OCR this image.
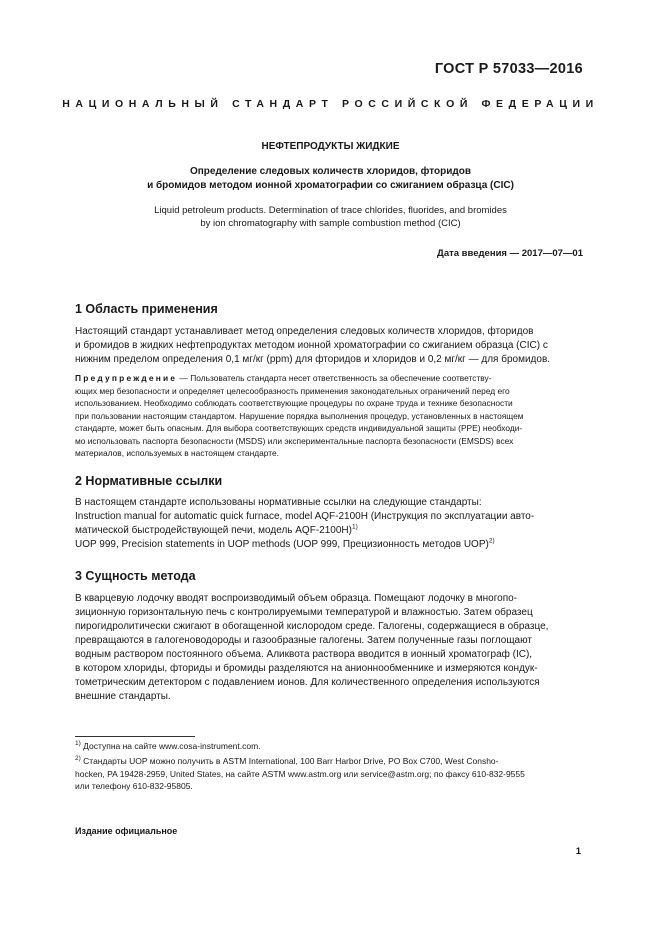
ГОСТ Р 57033—2016
НАЦИОНАЛЬНЫЙ СТАНДАРТ РОССИЙСКОЙ ФЕДЕРАЦИИ
НЕФТЕПРОДУКТЫ ЖИДКИЕ
Определение следовых количеств хлоридов, фторидов
и бромидов методом ионной хроматографии со сжиганием образца (CIC)
Liquid petroleum products. Determination of trace chlorides, fluorides, and bromides
by ion chromatography with sample combustion method (CIC)
Дата введения — 2017—07—01
1 Область применения
Настоящий стандарт устанавливает метод определения следовых количеств хлоридов, фторидов
и бромидов в жидких нефтепродуктах методом ионной хроматографии со сжиганием образца (CIC) с
нижним пределом определения 0,1 мг/кг (ppm) для фторидов и хлоридов и 0,2 мг/кг — для бромидов.
Предупреждение — Пользователь стандарта несет ответственность за обеспечение соответству-
ющих мер безопасности и определяет целесообразность применения законодательных ограничений перед его
использованием. Необходимо соблюдать соответствующие процедуры по охране труда и технике безопасности
при пользовании настоящим стандартом. Нарушение порядка выполнения процедур, установленных в настоящем
стандарте, может быть опасным. Для выбора соответствующих средств индивидуальной защиты (PPE) необходи-
мо использовать паспорта безопасности (MSDS) или экспериментальные паспорта безопасности (EMSDS) всех
материалов, используемых в настоящем стандарте.
2 Нормативные ссылки
В настоящем стандарте использованы нормативные ссылки на следующие стандарты:
Instruction manual for automatic quick furnace, model AQF-2100H (Инструкция по эксплуатации авто-
матической быстродействующей печи, модель AQF-2100H)$^{1)}$
UOP 999, Precision statements in UOP methods (UOP 999, Прецизионность методов UOP)$^{2)}$
3 Сущность метода
В кварцевую лодочку вводят воспроизводимый объем образца. Помещают лодочку в многопо-
зиционную горизонтальную печь с контролируемыми температурой и влажностью. Затем образец
пирогидролитически сжигают в обогащенной кислородом среде. Галогены, содержащиеся в образце,
превращаются в галогеноводороды и газообразные галогены. Затем полученные газы поглощают
водным раствором постоянного объема. Аликвота раствора вводится в ионный хроматограф (IC),
в котором хлориды, фториды и бромиды разделяются на анионнообменнике и измеряются кондук-
тометрическим детектором с подавлением ионов. Для количественного определения используются
внешние стандарты.
$^{1)}$ Доступна на сайте www.cosa-instrument.com.
$^{2)}$ Стандарты UOP можно получить в ASTM International, 100 Barr Harbor Drive, PO Box C700, West Consho-
hocken, PA 19428-2959, United States, на сайте ASTM www.astm.org или service@astm.org; по факсу 610-832-9555
или телефону 610-832-95805.
Издание официальное
1
